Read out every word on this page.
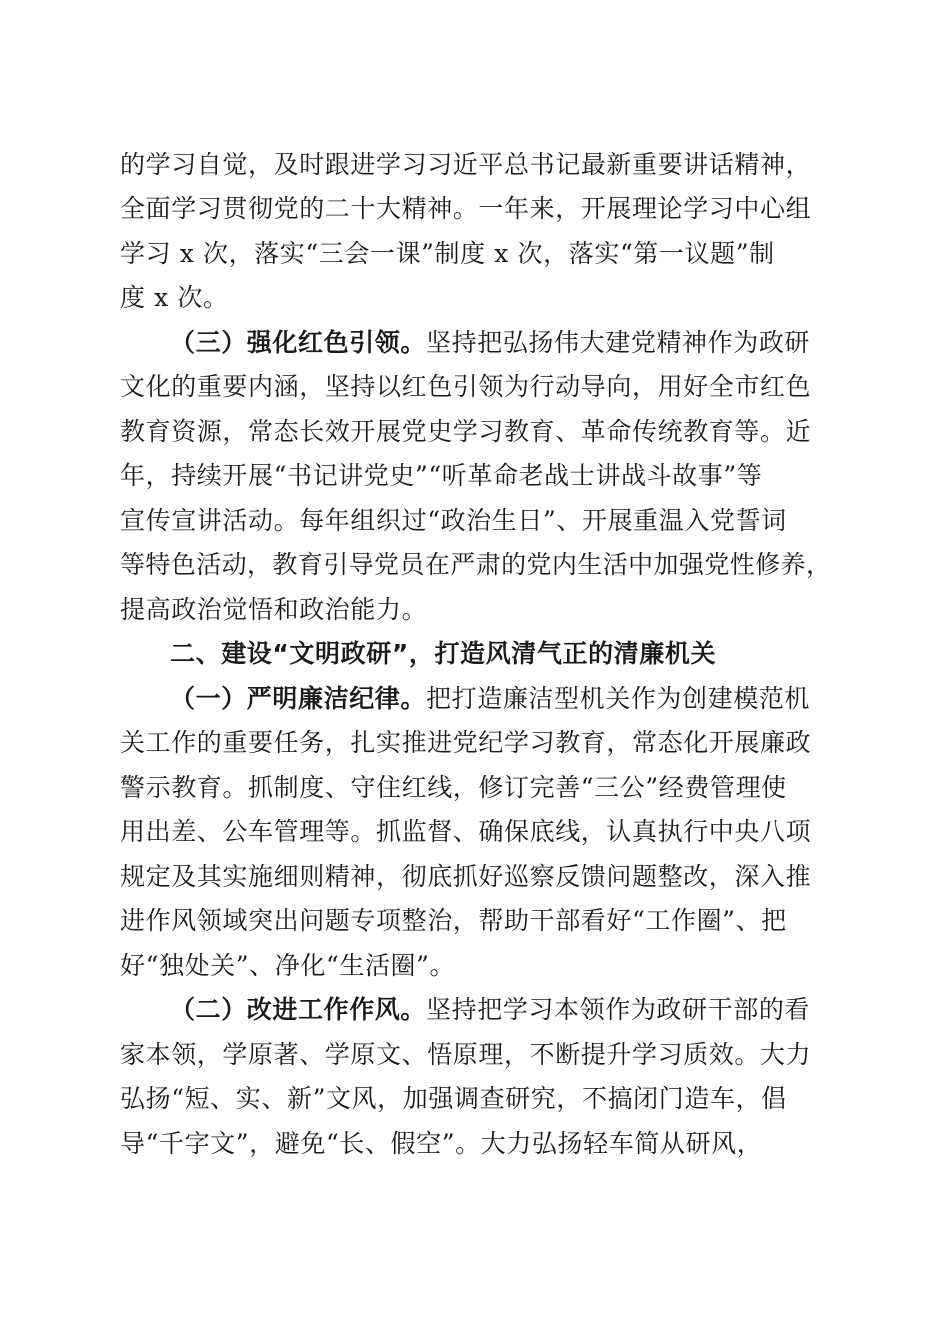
的学习自觉，及时跟进学习习近平总书记最新重要讲话精神，
全面学习贯彻党的二十大精神。一年来，开展理论学习中心组
学习 x 次，落实“三会一课”制度 x 次，落实“第一议题”制
度 x 次。
（三）强化红色引领。坚持把弘扬伟大建党精神作为政研
文化的重要内涵，坚持以红色引领为行动导向，用好全市红色
教育资源，常态长效开展党史学习教育、革命传统教育等。近
年，持续开展“书记讲党史”“听革命老战士讲战斗故事”等
宣传宣讲活动。每年组织过“政治生日”、开展重温入党誓词
等特色活动，教育引导党员在严肃的党内生活中加强党性修养，
提高政治觉悟和政治能力。
二、建设“文明政研”，打造风清气正的清廉机关
（一）严明廉洁纪律。把打造廉洁型机关作为创建模范机
关工作的重要任务，扎实推进党纪学习教育，常态化开展廉政
警示教育。抓制度、守住红线，修订完善“三公”经费管理使
用出差、公车管理等。抓监督、确保底线，认真执行中央八项
规定及其实施细则精神，彻底抓好巡察反馈问题整改，深入推
进作风领域突出问题专项整治，帮助干部看好“工作圈”、把
好“独处关”、净化“生活圈”。
（二）改进工作作风。坚持把学习本领作为政研干部的看
家本领，学原著、学原文、悟原理，不断提升学习质效。大力
弘扬“短、实、新”文风，加强调查研究，不搞闭门造车，倡
导“千字文”，避免“长、假空”。大力弘扬轻车简从研风，
